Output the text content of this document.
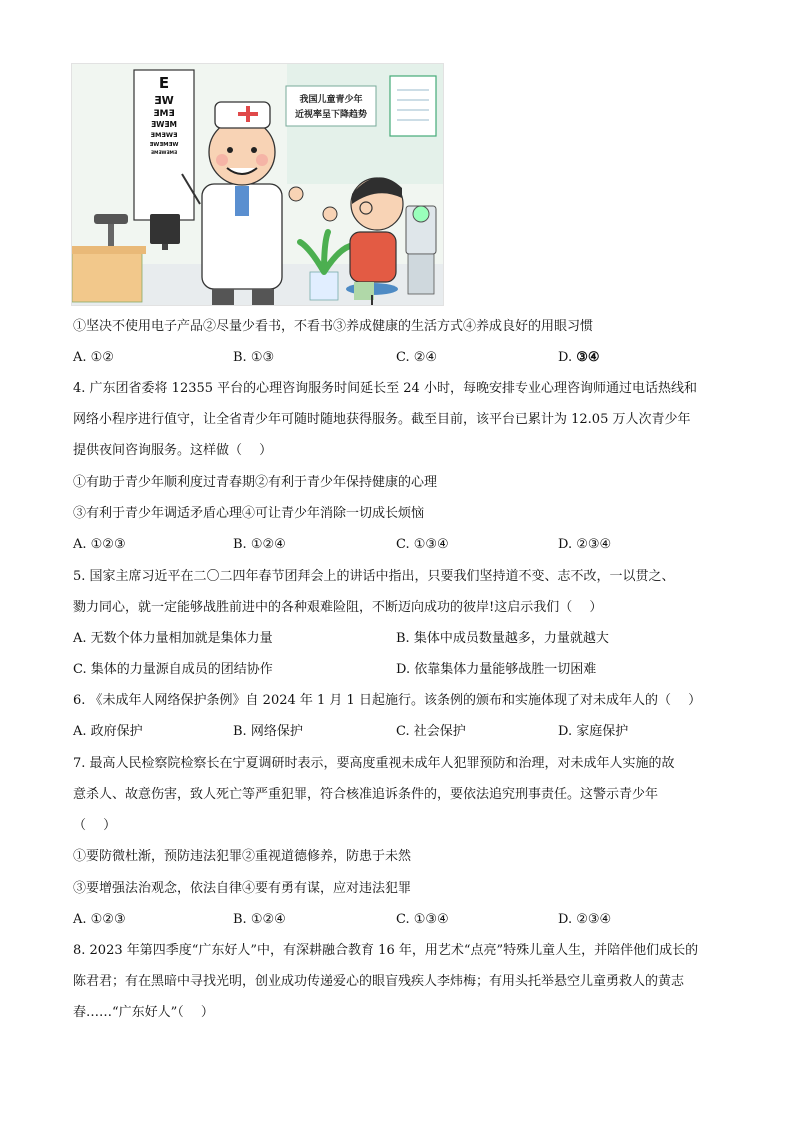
E
ƎW
ƎMƎ
ƎWƎM
ƎMƎWƎ
ƎWƎMƎW
ƎMƎWƎMƎ
我国儿童青少年
近视率呈下降趋势
①坚决不使用电子产品②尽量少看书，不看书③养成健康的生活方式④养成良好的用眼习惯
A. ①②	B. ①③	C. ②④	D. ③④
4. 广东团省委将 12355 平台的心理咨询服务时间延长至 24 小时，每晚安排专业心理咨询师通过电话热线和
网络小程序进行值守，让全省青少年可随时随地获得服务。截至目前，该平台已累计为 12.05 万人次青少年
提供夜间咨询服务。这样做（　 ）
①有助于青少年顺利度过青春期②有利于青少年保持健康的心理
③有利于青少年调适矛盾心理④可让青少年消除一切成长烦恼
A. ①②③	B. ①②④	C. ①③④	D. ②③④
5. 国家主席习近平在二〇二四年春节团拜会上的讲话中指出，只要我们坚持道不变、志不改，一以贯之、
勠力同心，就一定能够战胜前进中的各种艰难险阻，不断迈向成功的彼岸!这启示我们（　 ）
A. 无数个体力量相加就是集体力量	B. 集体中成员数量越多，力量就越大
C. 集体的力量源自成员的团结协作	D. 依靠集体力量能够战胜一切困难
6. 《未成年人网络保护条例》自 2024 年 1 月 1 日起施行。该条例的颁布和实施体现了对未成年人的（　 ）
A. 政府保护	B. 网络保护	C. 社会保护	D. 家庭保护
7. 最高人民检察院检察长在宁夏调研时表示，要高度重视未成年人犯罪预防和治理，对未成年人实施的故
意杀人、故意伤害，致人死亡等严重犯罪，符合核准追诉条件的，要依法追究刑事责任。这警示青少年
（　 ）
①要防微杜渐，预防违法犯罪②重视道德修养，防患于未然
③要增强法治观念，依法自律④要有勇有谋，应对违法犯罪
A. ①②③	B. ①②④	C. ①③④	D. ②③④
8. 2023 年第四季度“广东好人”中，有深耕融合教育 16 年，用艺术“点亮”特殊儿童人生，并陪伴他们成长的
陈君君；有在黑暗中寻找光明，创业成功传递爱心的眼盲残疾人李炜梅；有用头托举悬空儿童勇救人的黄志
春……“广东好人”（　 ）
